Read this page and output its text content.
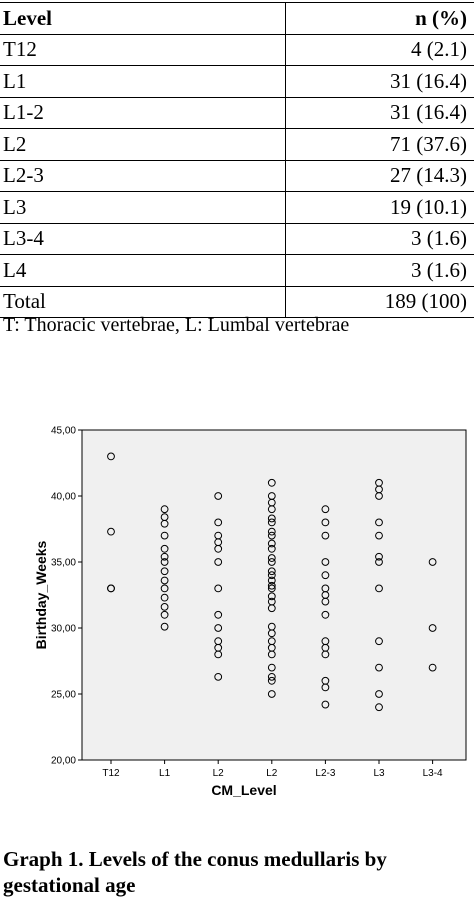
Level	n (%)
T12	4 (2.1)
L1	31 (16.4)
L1-2	31 (16.4)
L2	71 (37.6)
L2-3	27 (14.3)
L3	19 (10.1)
L3-4	3 (1.6)
L4	3 (1.6)
Total	189 (100)
T: Thoracic vertebrae, L: Lumbal vertebrae
20,00
25,00
30,00
35,00
40,00
45,00
T12	L1	L2	L2	L2-3	L3	L3-4
Birthday_Weeks
CM_Level
Graph 1. Levels of the conus medullaris by gestational age
